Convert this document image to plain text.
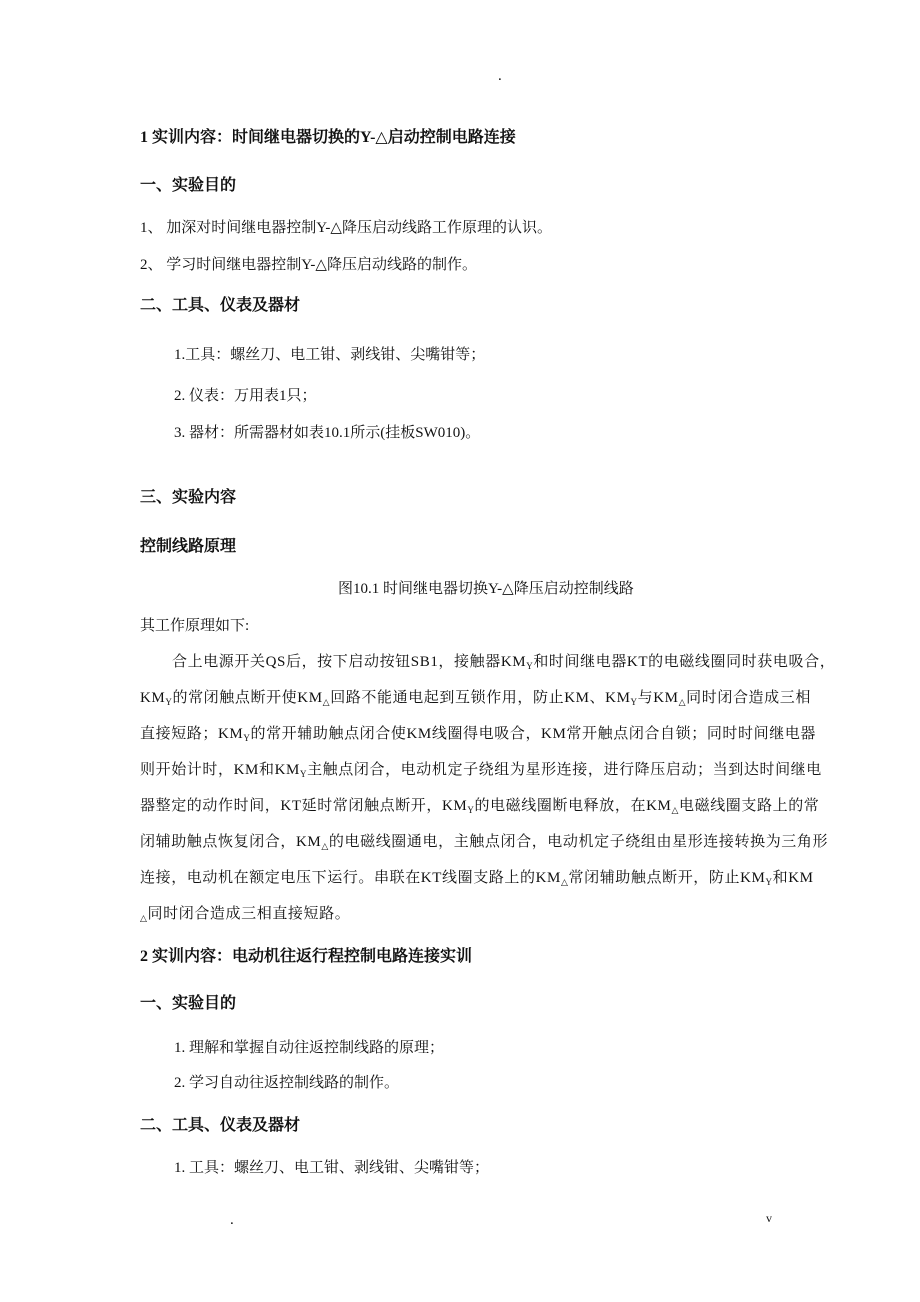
.
1 实训内容：时间继电器切换的Y-△启动控制电路连接
一、实验目的
1、 加深对时间继电器控制Y-△降压启动线路工作原理的认识。
2、 学习时间继电器控制Y-△降压启动线路的制作。
二、工具、仪表及器材
1.工具：螺丝刀、电工钳、剥线钳、尖嘴钳等；
2. 仪表：万用表1只；
3. 器材：所需器材如表10.1所示(挂板SW010)。
三、实验内容
控制线路原理
图10.1 时间继电器切换Y-△降压启动控制线路
其工作原理如下:
合上电源开关QS后，按下启动按钮SB1，接触器$KM_Y$和时间继电器KT的电磁线圈同时获电吸合，
$KM_Y$的常闭触点断开使$KM_\triangle$回路不能通电起到互锁作用，防止KM、$KM_Y$与$KM_\triangle$同时闭合造成三相
直接短路；$KM_Y$的常开辅助触点闭合使KM线圈得电吸合，KM常开触点闭合自锁；同时时间继电器
则开始计时，KM和$KM_Y$主触点闭合，电动机定子绕组为星形连接，进行降压启动；当到达时间继电
器整定的动作时间，KT延时常闭触点断开，$KM_Y$的电磁线圈断电释放，在$KM_\triangle$电磁线圈支路上的常
闭辅助触点恢复闭合，$KM_\triangle$的电磁线圈通电，主触点闭合，电动机定子绕组由星形连接转换为三角形
连接，电动机在额定电压下运行。串联在KT线圈支路上的$KM_\triangle$常闭辅助触点断开，防止$KM_Y$和KM
$_\triangle$同时闭合造成三相直接短路。
2 实训内容：电动机往返行程控制电路连接实训
一、实验目的
1. 理解和掌握自动往返控制线路的原理；
2. 学习自动往返控制线路的制作。
二、工具、仪表及器材
1. 工具：螺丝刀、电工钳、剥线钳、尖嘴钳等；
.	v
